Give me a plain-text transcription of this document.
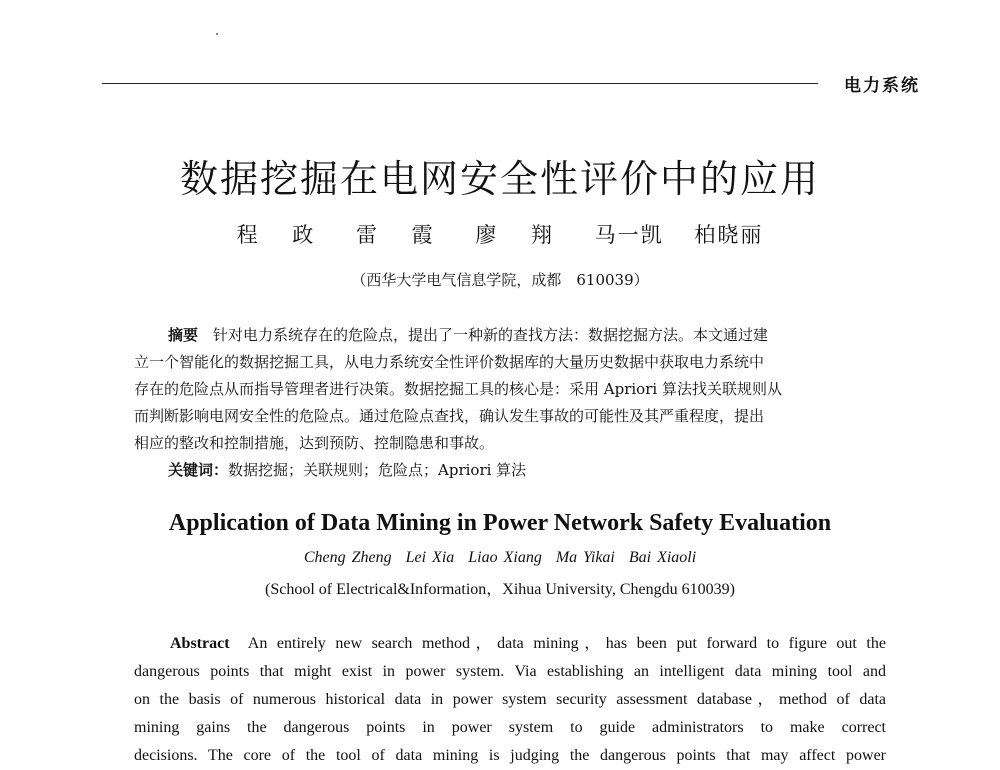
电力系统
数据挖掘在电网安全性评价中的应用
程 政 雷 霞 廖 翔 马一凯 柏晓丽
（西华大学电气信息学院，成都　610039）
摘要　 针对电力系统存在的危险点，提出了一种新的查找方法：数据挖掘方法。本文通过建
立一个智能化的数据挖掘工具，从电力系统安全性评价数据库的大量历史数据中获取电力系统中
存在的危险点从而指导管理者进行决策。数据挖掘工具的核心是：采用 Apriori 算法找关联规则从
而判断影响电网安全性的危险点。通过危险点查找，确认发生事故的可能性及其严重程度，提出
相应的整改和控制措施，达到预防、控制隐患和事故。
关键词：数据挖掘；关联规则；危险点；Apriori 算法
Application of Data Mining in Power Network Safety Evaluation
Cheng Zheng Lei Xia Liao Xiang Ma Yikai Bai Xiaoli
(School of Electrical&Information，Xihua University, Chengdu 610039)
Abstract An entirely new search method，data mining，has been put forward to figure out the
dangerous points that might exist in power system. Via establishing an intelligent data mining tool and
on the basis of numerous historical data in power system security assessment database，method of data
mining gains the dangerous points in power system to guide administrators to make correct
decisions. The core of the tool of data mining is judging the dangerous points that may affect power
